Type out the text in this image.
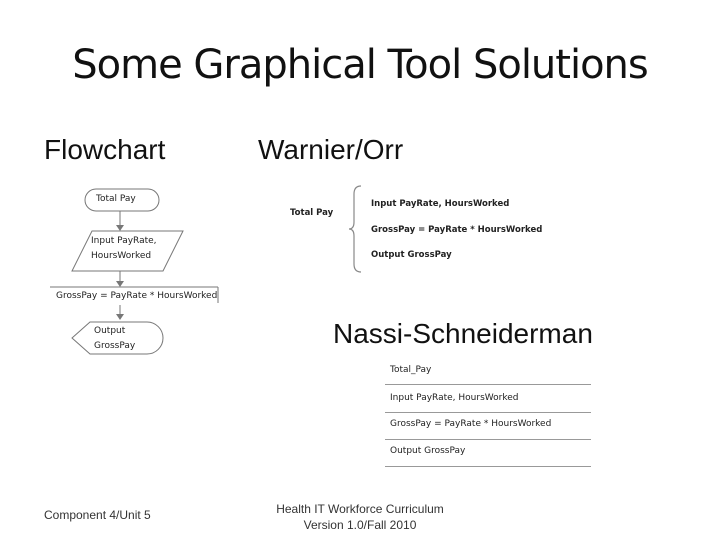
Some Graphical Tool Solutions
Flowchart	Warnier/Orr
Nassi-Schneiderman
Total Pay
Input PayRate,
HoursWorked
GrossPay = PayRate * HoursWorked
Output
GrossPay
Total Pay
Input PayRate, HoursWorked
GrossPay = PayRate * HoursWorked
Output GrossPay
Total_Pay
Input PayRate, HoursWorked
GrossPay = PayRate * HoursWorked
Output GrossPay
Component 4/Unit 5	Health IT Workforce Curriculum
Version 1.0/Fall 2010
